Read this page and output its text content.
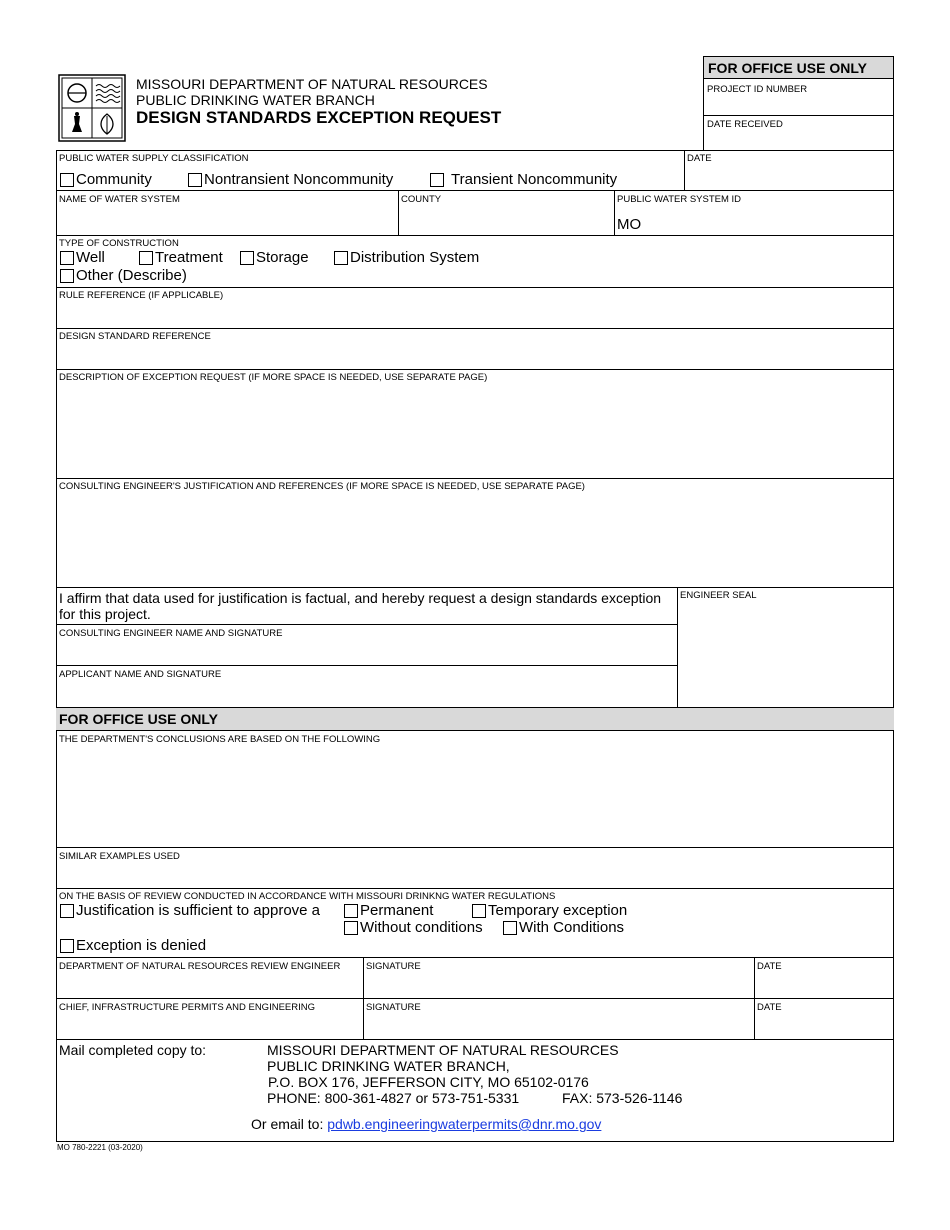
MISSOURI DEPARTMENT OF NATURAL RESOURCES
PUBLIC DRINKING WATER BRANCH
DESIGN STANDARDS EXCEPTION REQUEST
FOR OFFICE USE ONLY
PROJECT ID NUMBER
DATE RECEIVED
PUBLIC WATER SUPPLY CLASSIFICATION	DATE
Community	Nontransient Noncommunity	Transient Noncommunity
NAME OF WATER SYSTEM	COUNTY	PUBLIC WATER SYSTEM ID
MO
TYPE OF CONSTRUCTION
Well	Treatment Storage	Distribution System
Other (Describe)
RULE REFERENCE (IF APPLICABLE)
DESIGN STANDARD REFERENCE
DESCRIPTION OF EXCEPTION REQUEST (IF MORE SPACE IS NEEDED, USE SEPARATE PAGE)
CONSULTING ENGINEER'S JUSTIFICATION AND REFERENCES (IF MORE SPACE IS NEEDED, USE SEPARATE PAGE)
I affirm that data used for justification is factual, and hereby request a design standards exception
for this project.
ENGINEER SEAL
CONSULTING ENGINEER NAME AND SIGNATURE
APPLICANT NAME AND SIGNATURE
FOR OFFICE USE ONLY
THE DEPARTMENT'S CONCLUSIONS ARE BASED ON THE FOLLOWING
SIMILAR EXAMPLES USED
ON THE BASIS OF REVIEW CONDUCTED IN ACCORDANCE WITH MISSOURI DRINKNG WATER REGULATIONS
Justification is sufficient to approve a	Permanent	Temporary exception
Without conditions With Conditions
Exception is denied
DEPARTMENT OF NATURAL RESOURCES REVIEW ENGINEER	SIGNATURE	DATE
CHIEF, INFRASTRUCTURE PERMITS AND ENGINEERING	SIGNATURE	DATE
Mail completed copy to:	MISSOURI DEPARTMENT OF NATURAL RESOURCES
PUBLIC DRINKING WATER BRANCH,
P.O. BOX 176, JEFFERSON CITY, MO 65102-0176
PHONE: 800-361-4827 or 573-751-5331	FAX: 573-526-1146
Or email to: pdwb.engineeringwaterpermits@dnr.mo.gov
MO 780-2221 (03-2020)
